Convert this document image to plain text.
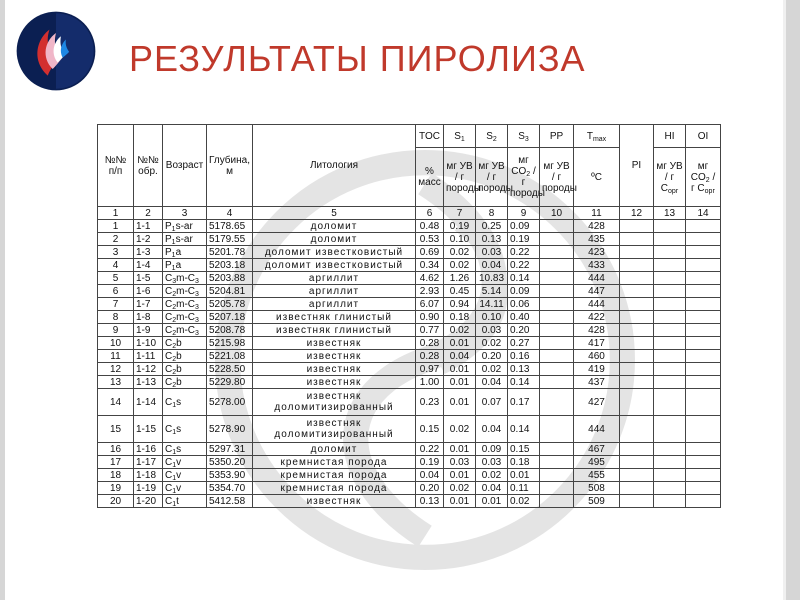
РЕЗУЛЬТАТЫ ПИРОЛИЗА
№№ п/п	№№ обр.	Возраст	Глубина, м	Литология	TOC	$S_1$	$S_2$	$S_3$	PP	$T_{max}$	PI	HI	OI
					% масс	мг УВ / г породы	мг УВ / г породы	мг $CO_2$ / г породы	мг УВ / г породы	ºС		мг УВ / г $С_{орг}$	мг $CO_2$ / г $С_{орг}$
1	2	3	4	5	6	7	8	9	10	11	12	13	14
1	1-1	$P_1s-ar$	5178.65	доломит	0.48	0.19	0.25	0.09		428			
2	1-2	$P_1s-ar$	5179.55	доломит	0.53	0.10	0.13	0.19		435			
3	1-3	$P_1a$	5201.78	доломит известковистый	0.69	0.02	0.03	0.22		423			
4	1-4	$P_1a$	5203.18	доломит известковистый	0.34	0.02	0.04	0.22		433			
5	1-5	$C_3m-C_3$	5203.88	аргиллит	4.62	1.26	10.83	0.14		444			
6	1-6	$C_2m-C_3$	5204.81	аргиллит	2.93	0.45	5.14	0.09		447			
7	1-7	$C_2m-C_3$	5205.78	аргиллит	6.07	0.94	14.11	0.06		444			
8	1-8	$C_2m-C_3$	5207.18	известняк глинистый	0.90	0.18	0.10	0.40		422			
9	1-9	$C_2m-C_3$	5208.78	известняк глинистый	0.77	0.02	0.03	0.20		428			
10	1-10	$C_2b$	5215.98	известняк	0.28	0.01	0.02	0.27		417			
11	1-11	$C_2b$	5221.08	известняк	0.28	0.04	0.20	0.16		460			
12	1-12	$C_2b$	5228.50	известняк	0.97	0.01	0.02	0.13		419			
13	1-13	$C_2b$	5229.80	известняк	1.00	0.01	0.04	0.14		437			
14	1-14	$C_1s$	5278.00	известняк доломитизированный	0.23	0.01	0.07	0.17		427			
15	1-15	$C_1s$	5278.90	известняк доломитизированный	0.15	0.02	0.04	0.14		444			
16	1-16	$C_1s$	5297.31	доломит	0.22	0.01	0.09	0.15		467			
17	1-17	$C_1v$	5350.20	кремнистая порода	0.19	0.03	0.03	0.18		495			
18	1-18	$C_1v$	5353.90	кремнистая порода	0.04	0.01	0.02	0.01		455			
19	1-19	$C_1v$	5354.70	кремнистая порода	0.20	0.02	0.04	0.11		508			
20	1-20	$C_1t$	5412.58	известняк	0.13	0.01	0.01	0.02		509			
